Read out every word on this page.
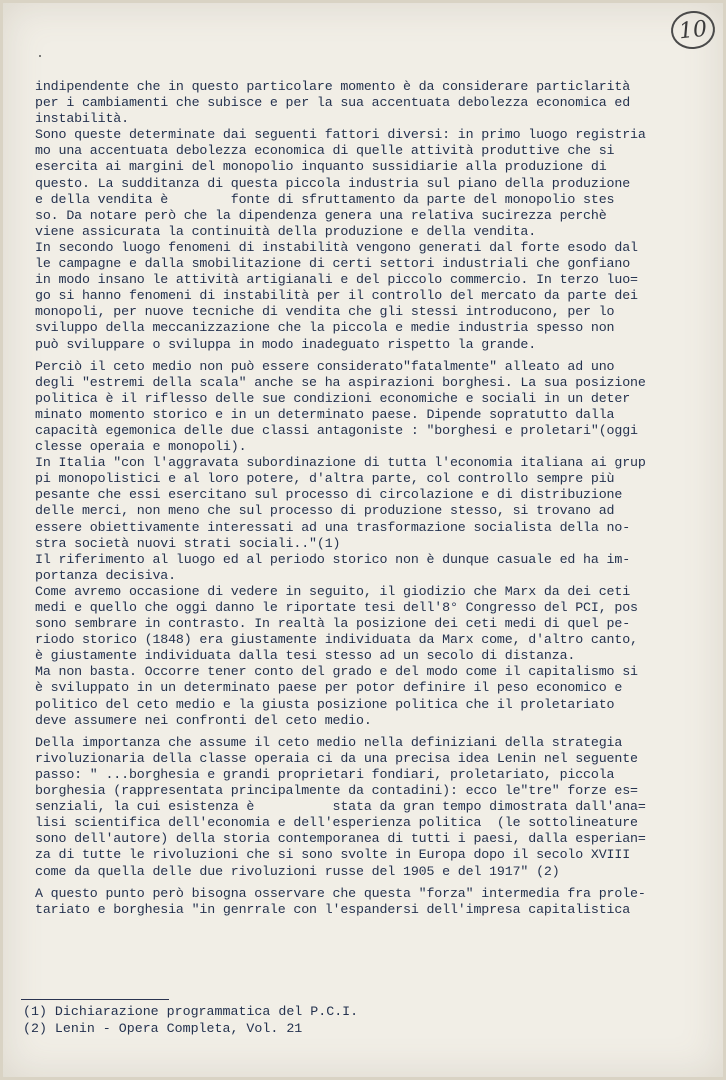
10
indipendente che in questo particolare momento è da considerare particlarità
per i cambiamenti che subisce e per la sua accentuata debolezza economica ed
instabilità.
Sono queste determinate dai seguenti fattori diversi: in primo luogo registria
mo una accentuata debolezza economica di quelle attività produttive che si
esercita ai margini del monopolio inquanto sussidiarie alla produzione di
questo. La sudditanza di questa piccola industria sul piano della produzione
e della vendita è        fonte di sfruttamento da parte del monopolio stes
so. Da notare però che la dipendenza genera una relativa sucirezza perchè
viene assicurata la continuità della produzione e della vendita.
In secondo luogo fenomeni di instabilità vengono generati dal forte esodo dal
le campagne e dalla smobilitazione di certi settori industriali che gonfiano
in modo insano le attività artigianali e del piccolo commercio. In terzo luo=
go si hanno fenomeni di instabilità per il controllo del mercato da parte dei
monopoli, per nuove tecniche di vendita che gli stessi introducono, per lo
sviluppo della meccanizzazione che la piccola e medie industria spesso non
può sviluppare o sviluppa in modo inadeguato rispetto la grande.
Perciò il ceto medio non può essere considerato"fatalmente" alleato ad uno
degli "estremi della scala" anche se ha aspirazioni borghesi. La sua posizione
politica è il riflesso delle sue condizioni economiche e sociali in un deter
minato momento storico e in un determinato paese. Dipende sopratutto dalla
capacità egemonica delle due classi antagoniste : "borghesi e proletari"(oggi
clesse operaia e monopoli).
In Italia "con l'aggravata subordinazione di tutta l'economia italiana ai grup
pi monopolistici e al loro potere, d'altra parte, col controllo sempre più
pesante che essi esercitano sul processo di circolazione e di distribuzione
delle merci, non meno che sul processo di produzione stesso, si trovano ad
essere obiettivamente interessati ad una trasformazione socialista della no-
stra società nuovi strati sociali.."(1)
Il riferimento al luogo ed al periodo storico non è dunque casuale ed ha im-
portanza decisiva.
Come avremo occasione di vedere in seguito, il giodizio che Marx da dei ceti
medi e quello che oggi danno le riportate tesi dell'8° Congresso del PCI, pos
sono sembrare in contrasto. In realtà la posizione dei ceti medi di quel pe-
riodo storico (1848) era giustamente individuata da Marx come, d'altro canto,
è giustamente individuata dalla tesi stesso ad un secolo di distanza.
Ma non basta. Occorre tener conto del grado e del modo come il capitalismo si
è sviluppato in un determinato paese per potor definire il peso economico e
politico del ceto medio e la giusta posizione politica che il proletariato
deve assumere nei confronti del ceto medio.
Della importanza che assume il ceto medio nella definiziani della strategia
rivoluzionaria della classe operaia ci da una precisa idea Lenin nel seguente
passo: " ...borghesia e grandi proprietari fondiari, proletariato, piccola
borghesia (rappresentata principalmente da contadini): ecco le"tre" forze es=
senziali, la cui esistenza è          stata da gran tempo dimostrata dall'ana=
lisi scientifica dell'economia e dell'esperienza politica  (le sottolineature
sono dell'autore) della storia contemporanea di tutti i paesi, dalla esperian=
za di tutte le rivoluzioni che si sono svolte in Europa dopo il secolo XVIII
come da quella delle due rivoluzioni russe del 1905 e del 1917" (2)
A questo punto però bisogna osservare che questa "forza" intermedia fra prole-
tariato e borghesia "in genrrale con l'espandersi dell'impresa capitalistica
(1) Dichiarazione programmatica del P.C.I.
(2) Lenin - Opera Completa, Vol. 21
